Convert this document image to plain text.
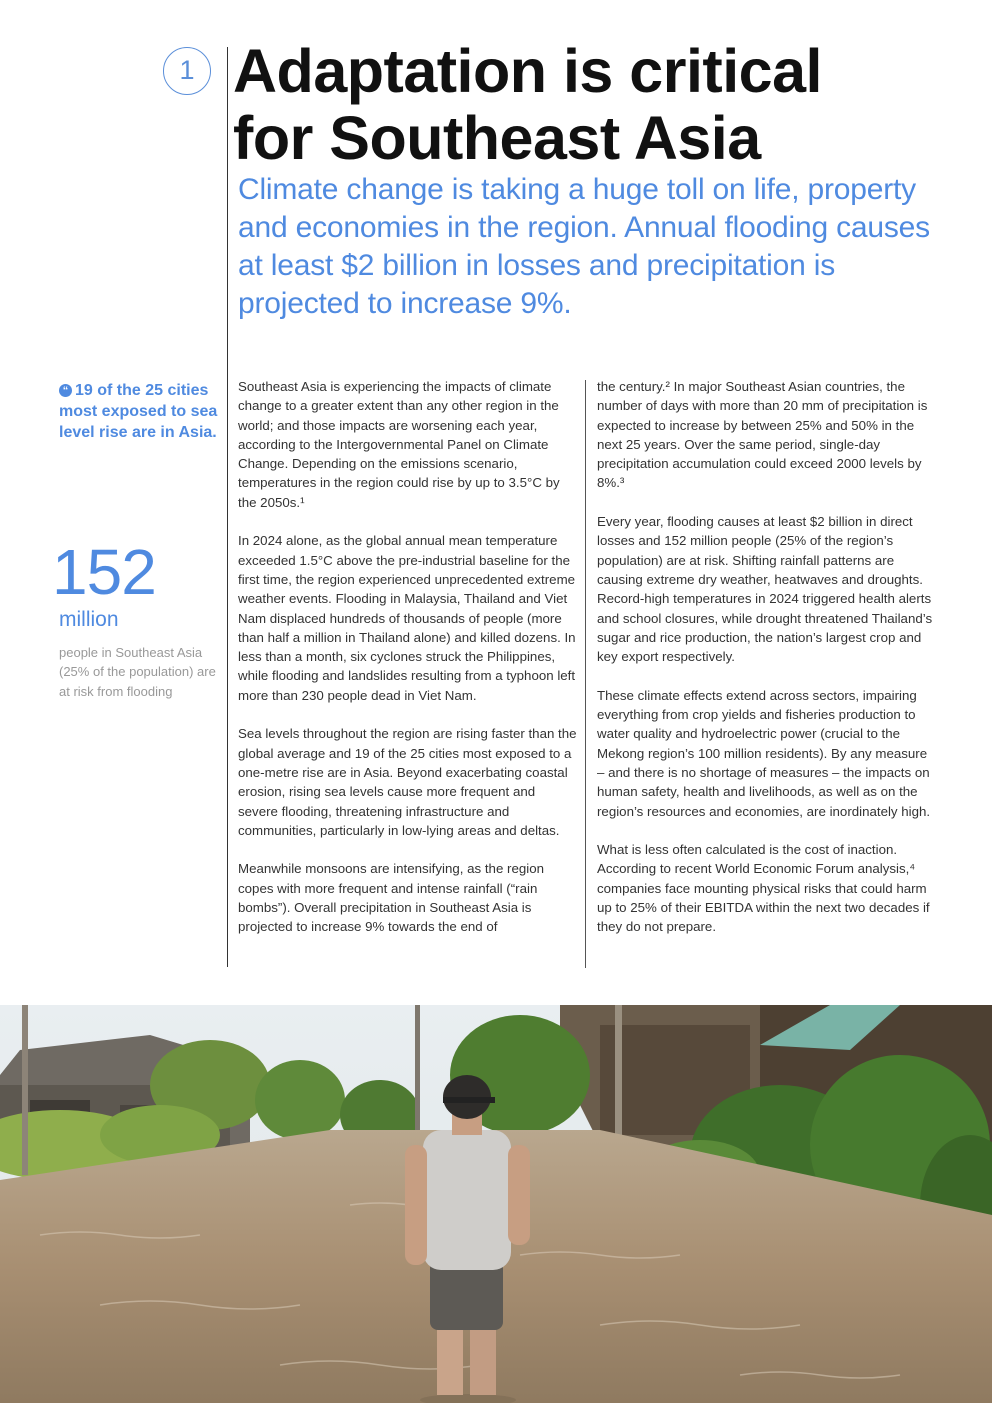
1 Adaptation is critical
for Southeast Asia

Climate change is taking a huge toll on life, property and economies in the region. Annual flooding causes at least $2 billion in losses and precipitation is projected to increase 9%.

“ 19 of the 25 cities most exposed to sea level rise are in Asia.
152
million
people in Southeast Asia (25% of the population) are at risk from flooding

Southeast Asia is experiencing the impacts of climate change to a greater extent than any other region in the world; and those impacts are worsening each year, according to the Intergovernmental Panel on Climate Change. Depending on the emissions scenario, temperatures in the region could rise by up to 3.5°C by the 2050s.¹

In 2024 alone, as the global annual mean temperature exceeded 1.5°C above the pre-industrial baseline for the first time, the region experienced unprecedented extreme weather events. Flooding in Malaysia, Thailand and Viet Nam displaced hundreds of thousands of people (more than half a million in Thailand alone) and killed dozens. In less than a month, six cyclones struck the Philippines, while flooding and landslides resulting from a typhoon left more than 230 people dead in Viet Nam.

Sea levels throughout the region are rising faster than the global average and 19 of the 25 cities most exposed to a one-metre rise are in Asia. Beyond exacerbating coastal erosion, rising sea levels cause more frequent and severe flooding, threatening infrastructure and communities, particularly in low-lying areas and deltas.

Meanwhile monsoons are intensifying, as the region copes with more frequent and intense rainfall (“rain bombs”). Overall precipitation in Southeast Asia is projected to increase 9% towards the end of

the century.² In major Southeast Asian countries, the number of days with more than 20 mm of precipitation is expected to increase by between 25% and 50% in the next 25 years. Over the same period, single-day precipitation accumulation could exceed 2000 levels by 8%.³

Every year, flooding causes at least $2 billion in direct losses and 152 million people (25% of the region’s population) are at risk. Shifting rainfall patterns are causing extreme dry weather, heatwaves and droughts. Record-high temperatures in 2024 triggered health alerts and school closures, while drought threatened Thailand’s sugar and rice production, the nation’s largest crop and key export respectively.

These climate effects extend across sectors, impairing everything from crop yields and fisheries production to water quality and hydroelectric power (crucial to the Mekong region’s 100 million residents). By any measure – and there is no shortage of measures – the impacts on human safety, health and livelihoods, as well as on the region’s resources and economies, are inordinately high.

What is less often calculated is the cost of inaction. According to recent World Economic Forum analysis,⁴ companies face mounting physical risks that could harm up to 25% of their EBITDA within the next two decades if they do not prepare.
